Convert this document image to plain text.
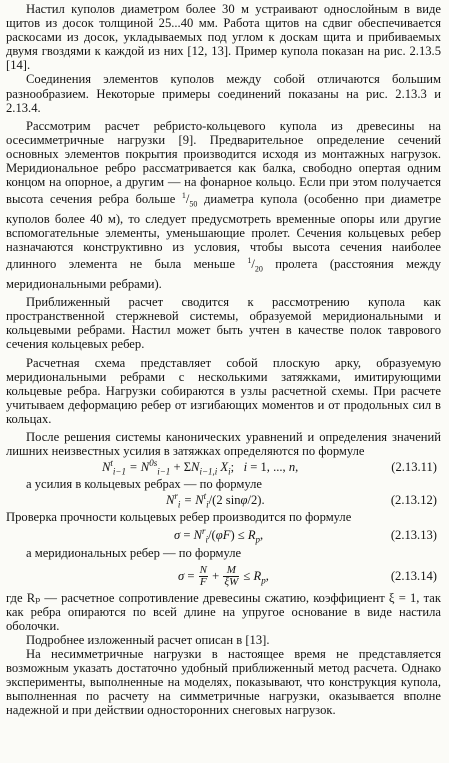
Настил куполов диаметром более 30 м устраивают однослойным в виде щитов из досок толщиной 25...40 мм. Работа щитов на сдвиг обеспечивается раскосами из досок, укладываемых под углом к доскам щита и прибиваемых двумя гвоздями к каждой из них [12, 13]. Пример купола показан на рис. 2.13.5 [14].

Соединения элементов куполов между собой отличаются большим разнообразием. Некоторые примеры соединений показаны на рис. 2.13.3 и 2.13.4.

Рассмотрим расчет ребристо-кольцевого купола из древесины на осесимметричные нагрузки [9]. Предварительное определение сечений основных элементов покрытия производится исходя из монтажных нагрузок. Меридиональное ребро рассматривается как балка, свободно опертая одним концом на опорное, а другим — на фонарное кольцо. Если при этом получается высота сечения ребра больше $^1/_{50}$ диаметра купола (особенно при диаметре куполов более 40 м), то следует предусмотреть временные опоры или другие вспомогательные элементы, уменьшающие пролет. Сечения кольцевых ребер назначаются конструктивно из условия, чтобы высота сечения наиболее длинного элемента не была меньше $^1/_{20}$ пролета (расстояния между меридиональными ребрами).

Приближенный расчет сводится к рассмотрению купола как пространственной стержневой системы, образуемой меридиональными и кольцевыми ребрами. Настил может быть учтен в качестве полок таврового сечения кольцевых ребер.

Расчетная схема представляет собой плоскую арку, образуемую меридиональными ребрами с несколькими затяжками, имитирующими кольцевые ребра. Нагрузки собираются в узлы расчетной схемы. При расчете учитываем деформацию ребер от изгибающих моментов и от продольных сил в кольцах.

После решения системы канонических уравнений и определения значений лишних неизвестных усилия в затяжках определяются по формуле

$N^t_{i-1} = N^{0s}_{i-1} + \Sigma N_{i-1,i}$ $X_i$;   i = 1, ..., n,	(2.13.11)

а усилия в кольцевых ребрах — по формуле

$N^r_i = N^t_i/(2$ sinφ/2).	(2.13.12)

Проверка прочности кольцевых ребер производится по формуле

$\sigma = N^r_i/(\varphi F) \le R_p$,	(2.13.13)

а меридиональных ребер — по формуле

$\sigma = \frac{N}{F} + \frac{M}{\xi W} \le R_p$,	(2.13.14)

где Rₚ — расчетное сопротивление древесины сжатию, коэффициент ξ = 1, так как ребра опираются по всей длине на упругое основание в виде настила оболочки.

Подробнее изложенный расчет описан в [13].

На несимметричные нагрузки в настоящее время не представляется возможным указать достаточно удобный приближенный метод расчета. Однако эксперименты, выполненные на моделях, показывают, что конструкция купола, выполненная по расчету на симметричные нагрузки, оказывается вполне надежной и при действии односторонних снеговых нагрузок.
